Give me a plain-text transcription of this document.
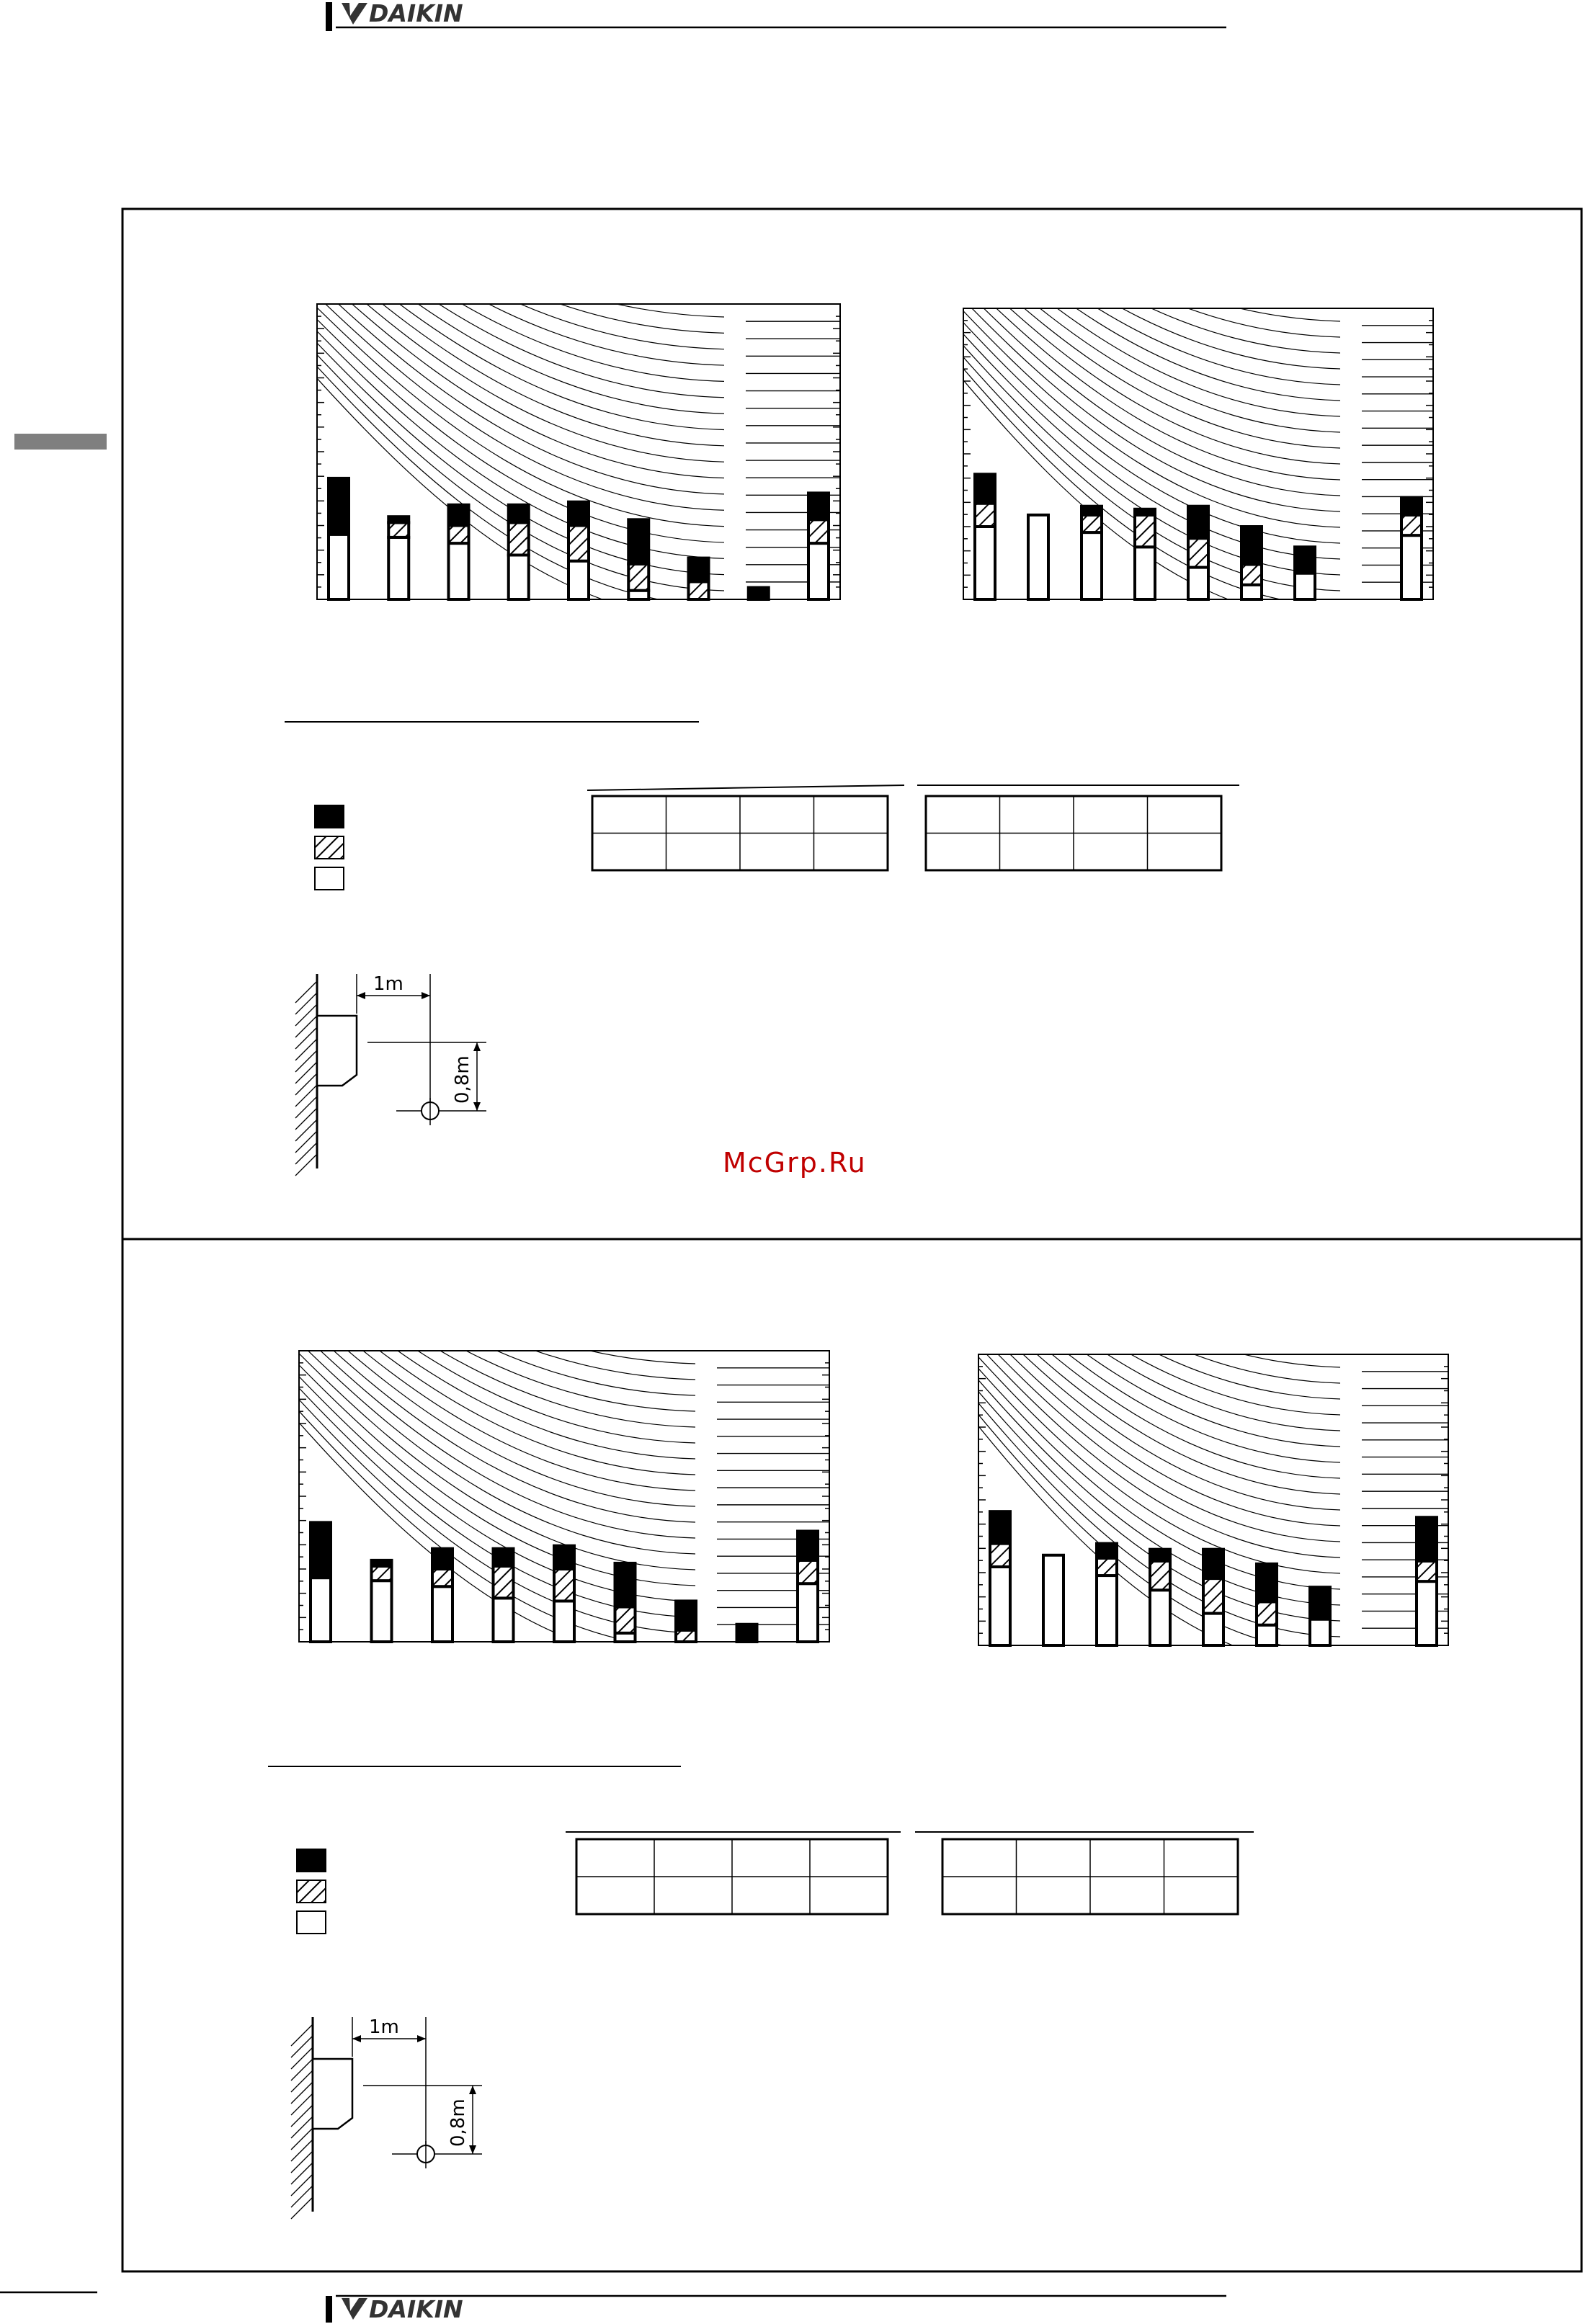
DAIKIN
1m
0,8m
1m
0,8m
McGrp.Ru
DAIKIN
